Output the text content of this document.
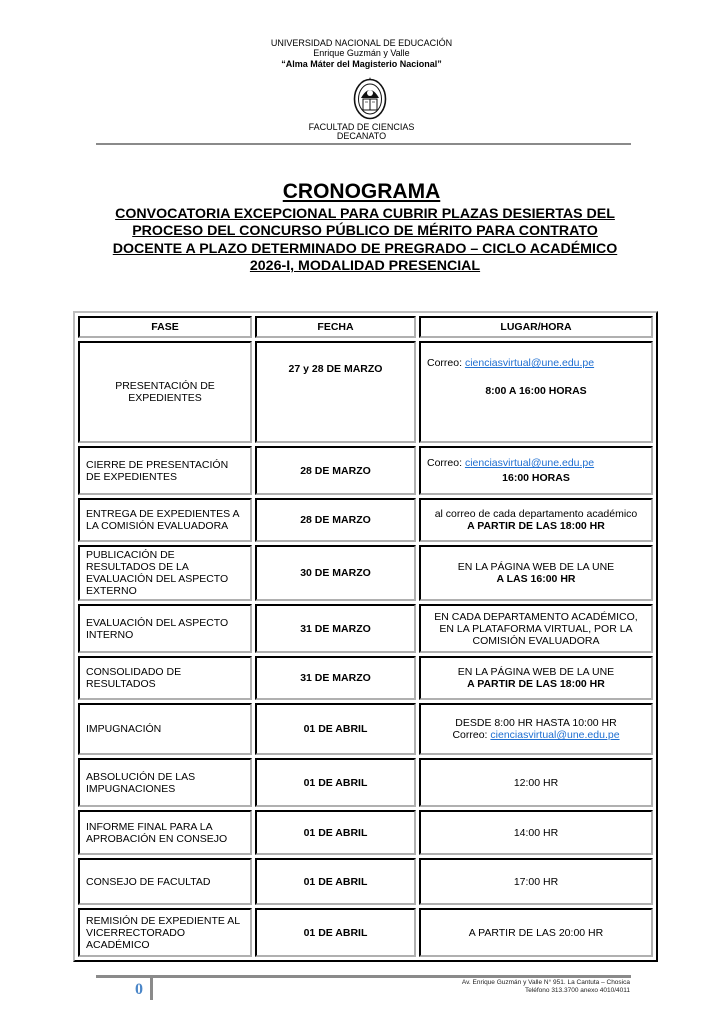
UNIVERSIDAD NACIONAL DE EDUCACIÓN
Enrique Guzmán y Valle
“Alma Máter del Magisterio Nacional”
FACULTAD DE CIENCIAS
DECANATO
CRONOGRAMA
CONVOCATORIA EXCEPCIONAL PARA CUBRIR PLAZAS DESIERTAS DEL PROCESO DEL CONCURSO PÚBLICO DE MÉRITO PARA CONTRATO DOCENTE A PLAZO DETERMINADO DE PREGRADO – CICLO ACADÉMICO 2026-I, MODALIDAD PRESENCIAL
FASE	FECHA	LUGAR/HORA
PRESENTACIÓN DE EXPEDIENTES	27 y 28 DE MARZO	Correo: cienciasvirtual@une.edu.pe
8:00 A 16:00 HORAS

CIERRE DE PRESENTACIÓN DE EXPEDIENTES	28 DE MARZO	Correo: cienciasvirtual@une.edu.pe
16:00 HORAS

ENTREGA DE EXPEDIENTES A LA COMISIÓN EVALUADORA	28 DE MARZO	al correo de cada departamento académico
A PARTIR DE LAS 18:00 HR

PUBLICACIÓN DE RESULTADOS DE LA EVALUACIÓN DEL ASPECTO EXTERNO	30 DE MARZO	EN LA PÁGINA WEB DE LA UNE
A LAS 16:00 HR

EVALUACIÓN DEL ASPECTO INTERNO	31 DE MARZO	EN CADA DEPARTAMENTO ACADÉMICO, EN LA PLATAFORMA VIRTUAL, POR LA COMISIÓN EVALUADORA

CONSOLIDADO DE RESULTADOS	31 DE MARZO	EN LA PÁGINA WEB DE LA UNE
A PARTIR DE LAS 18:00 HR

IMPUGNACIÓN	01 DE ABRIL	DESDE 8:00 HR HASTA 10:00 HR
Correo: cienciasvirtual@une.edu.pe

ABSOLUCIÓN DE LAS IMPUGNACIONES	01 DE ABRIL	12:00 HR
INFORME FINAL PARA LA APROBACIÓN EN CONSEJO	01 DE ABRIL	14:00 HR
CONSEJO DE FACULTAD	01 DE ABRIL	17:00 HR
REMISIÓN DE EXPEDIENTE AL VICERRECTORADO ACADÉMICO	01 DE ABRIL	A PARTIR DE LAS 20:00 HR
0	Av. Enrique Guzmán y Valle N° 951. La Cantuta – Chosica
Teléfono 313.3700 anexo 4010/4011
